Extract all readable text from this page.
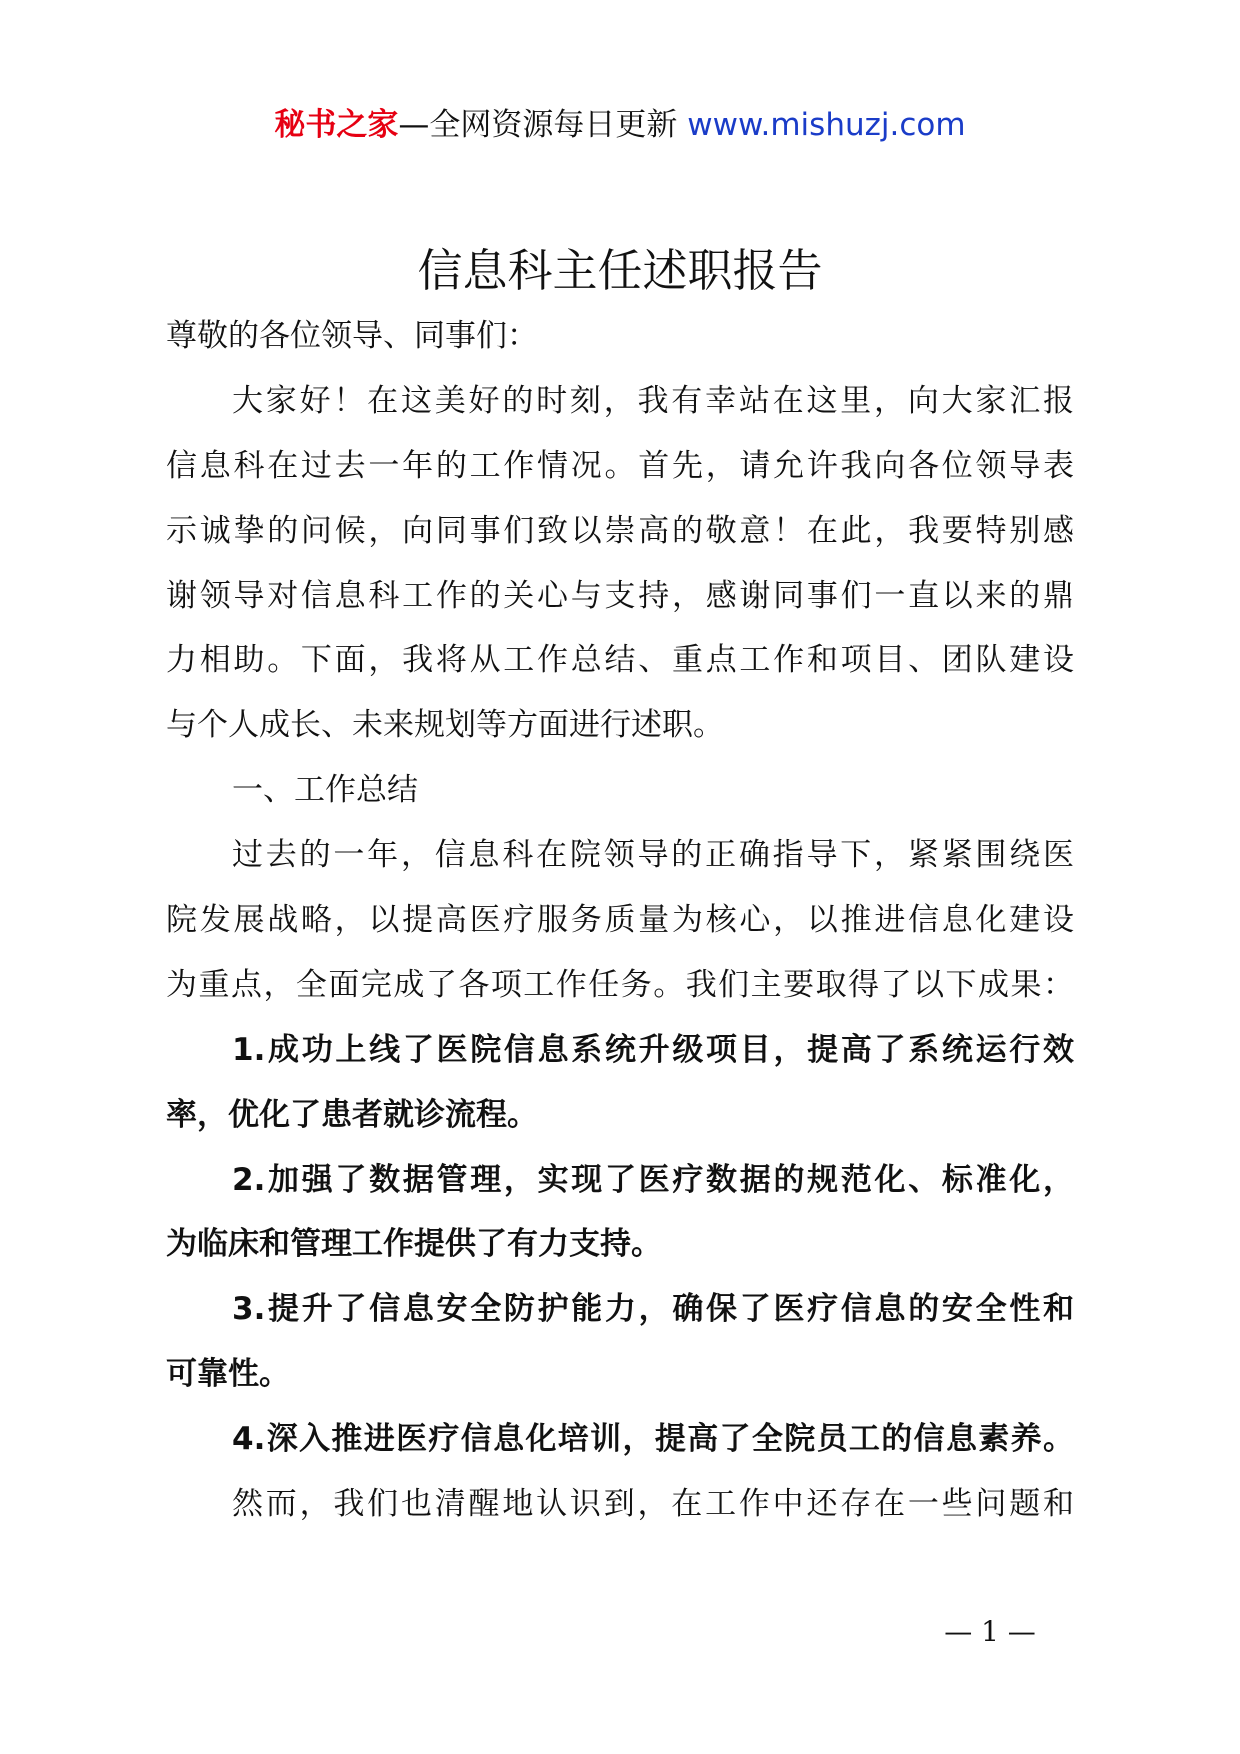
秘书之家—全网资源每日更新 www.mishuzj.com
信息科主任述职报告
尊敬的各位领导、同事们：
大家好！在这美好的时刻，我有幸站在这里，向大家汇报
信息科在过去一年的工作情况。首先，请允许我向各位领导表
示诚挚的问候，向同事们致以崇高的敬意！在此，我要特别感
谢领导对信息科工作的关心与支持，感谢同事们一直以来的鼎
力相助。下面，我将从工作总结、重点工作和项目、团队建设
与个人成长、未来规划等方面进行述职。
一、工作总结
过去的一年，信息科在院领导的正确指导下，紧紧围绕医
院发展战略，以提高医疗服务质量为核心，以推进信息化建设
为重点，全面完成了各项工作任务。我们主要取得了以下成果：
1.成功上线了医院信息系统升级项目，提高了系统运行效
率，优化了患者就诊流程。
2.加强了数据管理，实现了医疗数据的规范化、标准化，
为临床和管理工作提供了有力支持。
3.提升了信息安全防护能力，确保了医疗信息的安全性和
可靠性。
4.深入推进医疗信息化培训，提高了全院员工的信息素养。
然而，我们也清醒地认识到，在工作中还存在一些问题和
— 1 —
